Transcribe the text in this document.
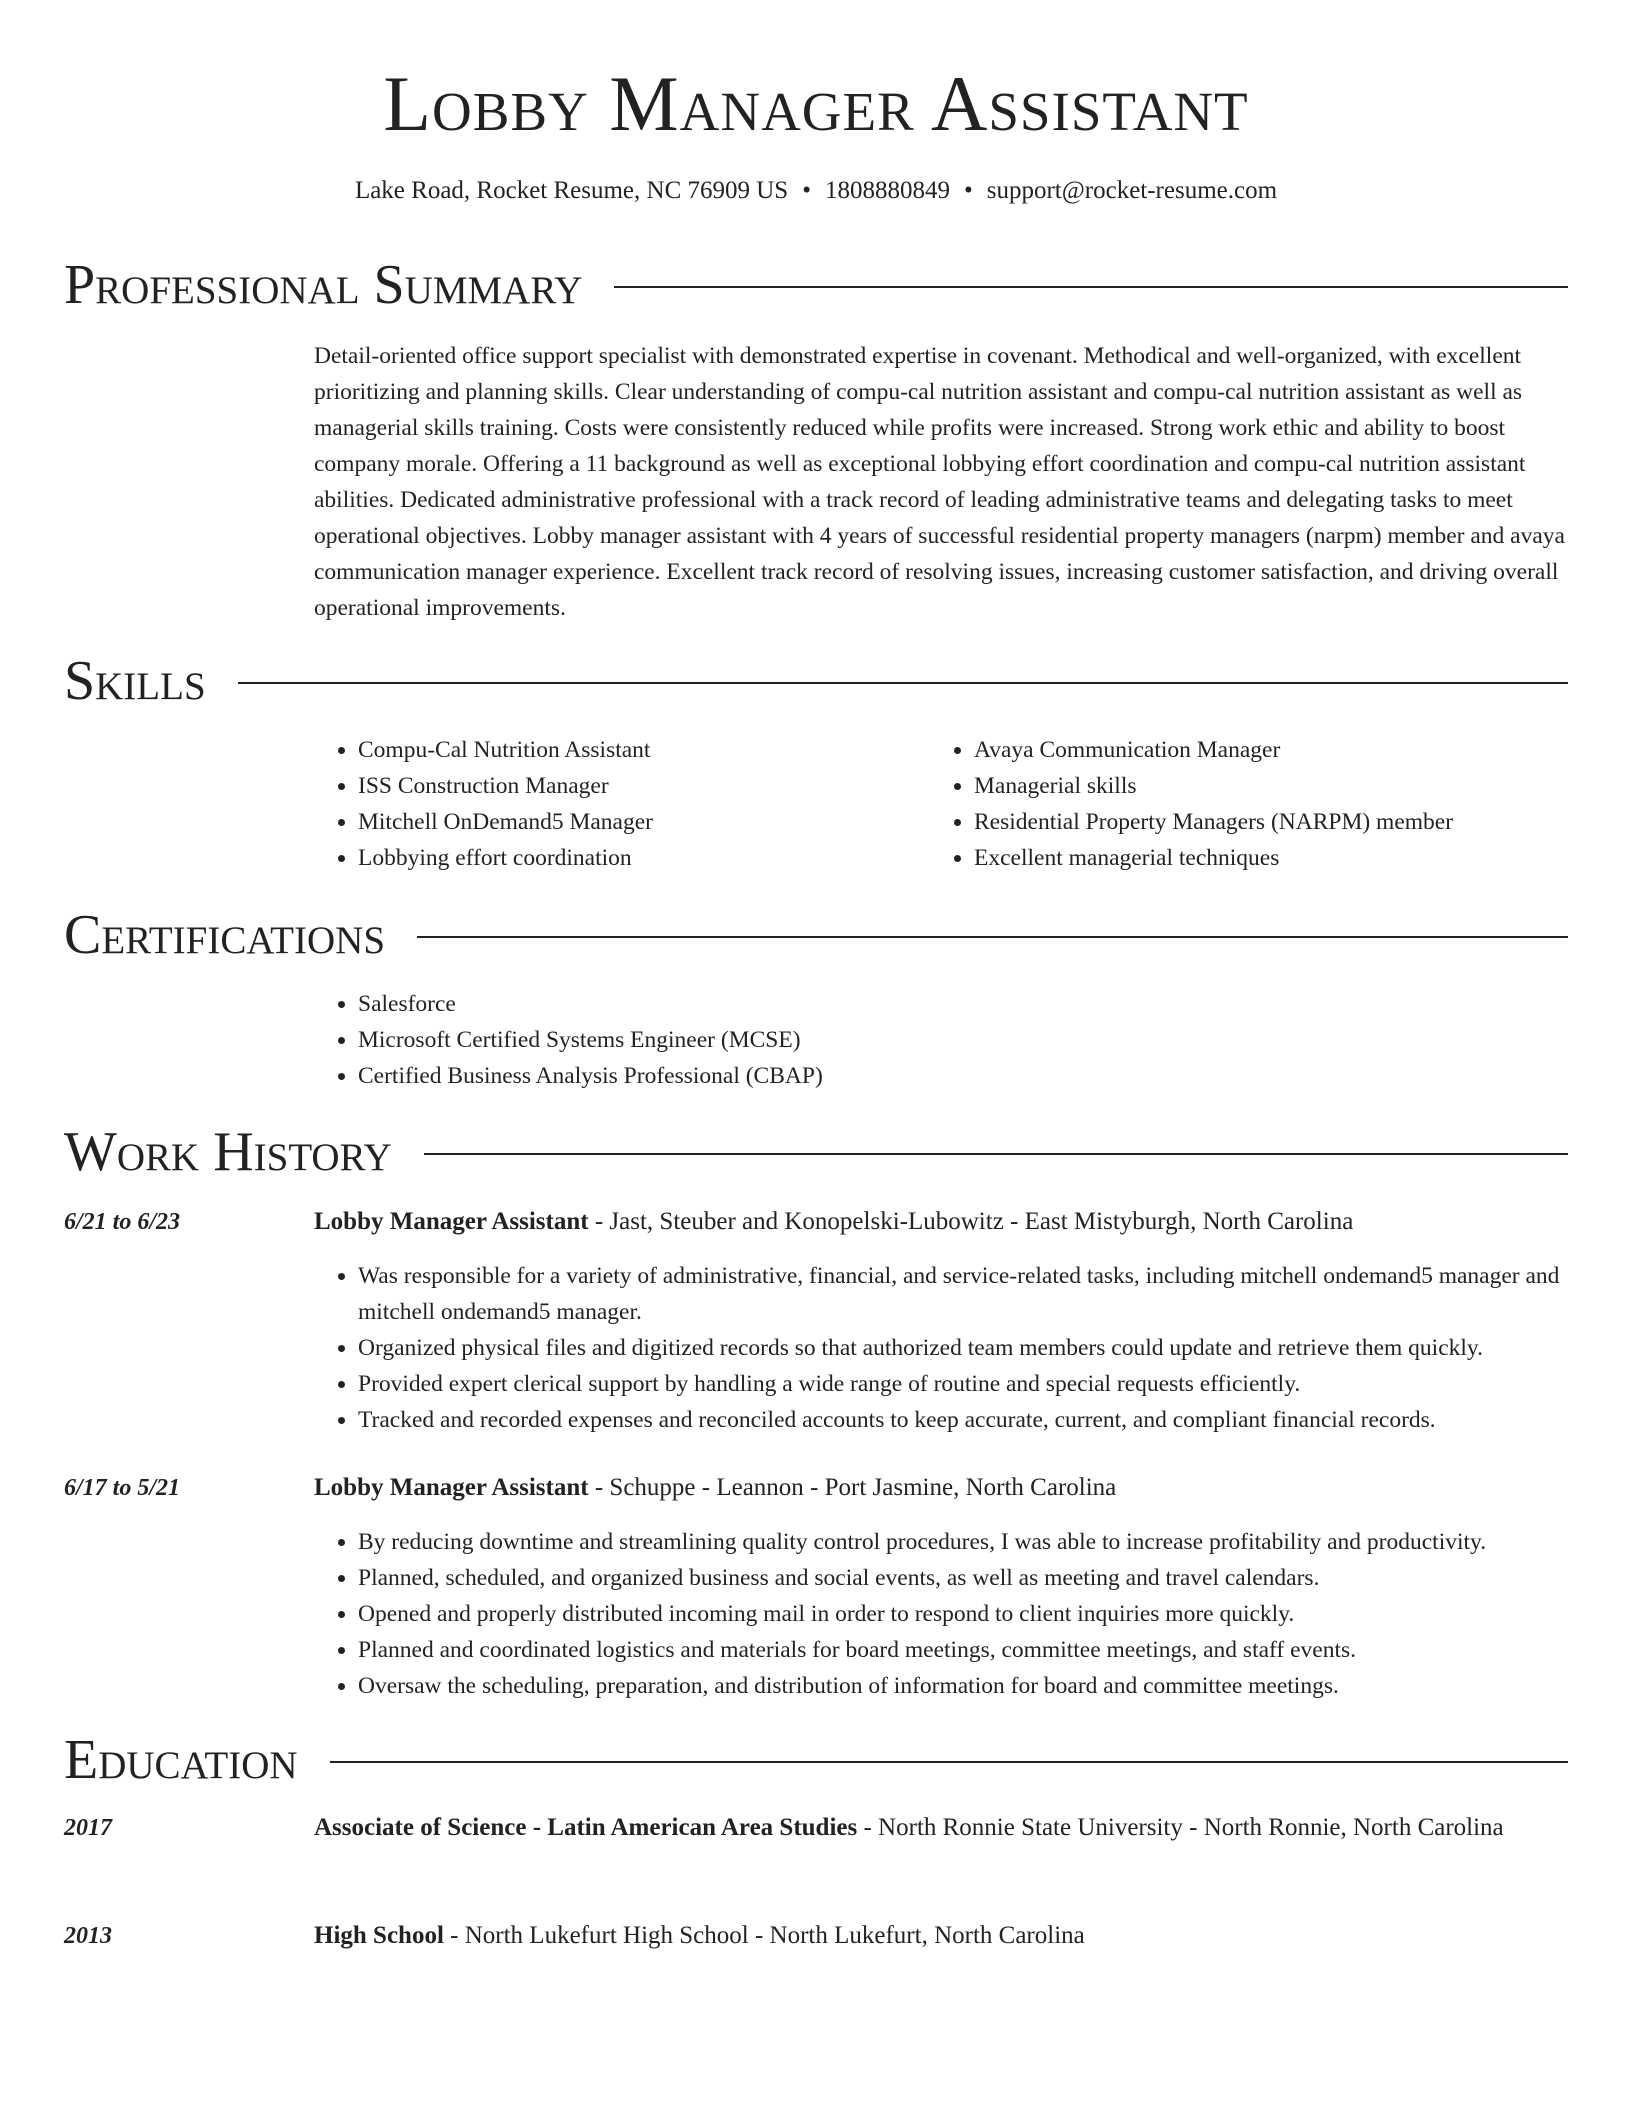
Lobby Manager Assistant
Lake Road, Rocket Resume, NC 76909 US • 1808880849 • support@rocket-resume.com
Professional Summary
Detail-oriented office support specialist with demonstrated expertise in covenant. Methodical and well-organized, with excellent prioritizing and planning skills. Clear understanding of compu-cal nutrition assistant and compu-cal nutrition assistant as well as managerial skills training. Costs were consistently reduced while profits were increased. Strong work ethic and ability to boost company morale. Offering a 11 background as well as exceptional lobbying effort coordination and compu-cal nutrition assistant abilities. Dedicated administrative professional with a track record of leading administrative teams and delegating tasks to meet operational objectives. Lobby manager assistant with 4 years of successful residential property managers (narpm) member and avaya communication manager experience. Excellent track record of resolving issues, increasing customer satisfaction, and driving overall operational improvements.
Skills
• Compu-Cal Nutrition Assistant
• ISS Construction Manager
• Mitchell OnDemand5 Manager
• Lobbying effort coordination
• Avaya Communication Manager
• Managerial skills
• Residential Property Managers (NARPM) member
• Excellent managerial techniques
Certifications
• Salesforce
• Microsoft Certified Systems Engineer (MCSE)
• Certified Business Analysis Professional (CBAP)
Work History
6/21 to 6/23	Lobby Manager Assistant - Jast, Steuber and Konopelski-Lubowitz - East Mistyburgh, North Carolina
• Was responsible for a variety of administrative, financial, and service-related tasks, including mitchell ondemand5 manager and mitchell ondemand5 manager.
• Organized physical files and digitized records so that authorized team members could update and retrieve them quickly.
• Provided expert clerical support by handling a wide range of routine and special requests efficiently.
• Tracked and recorded expenses and reconciled accounts to keep accurate, current, and compliant financial records.
6/17 to 5/21	Lobby Manager Assistant - Schuppe - Leannon - Port Jasmine, North Carolina
• By reducing downtime and streamlining quality control procedures, I was able to increase profitability and productivity.
• Planned, scheduled, and organized business and social events, as well as meeting and travel calendars.
• Opened and properly distributed incoming mail in order to respond to client inquiries more quickly.
• Planned and coordinated logistics and materials for board meetings, committee meetings, and staff events.
• Oversaw the scheduling, preparation, and distribution of information for board and committee meetings.
Education
2017	Associate of Science - Latin American Area Studies - North Ronnie State University - North Ronnie, North Carolina
2013	High School - North Lukefurt High School - North Lukefurt, North Carolina
